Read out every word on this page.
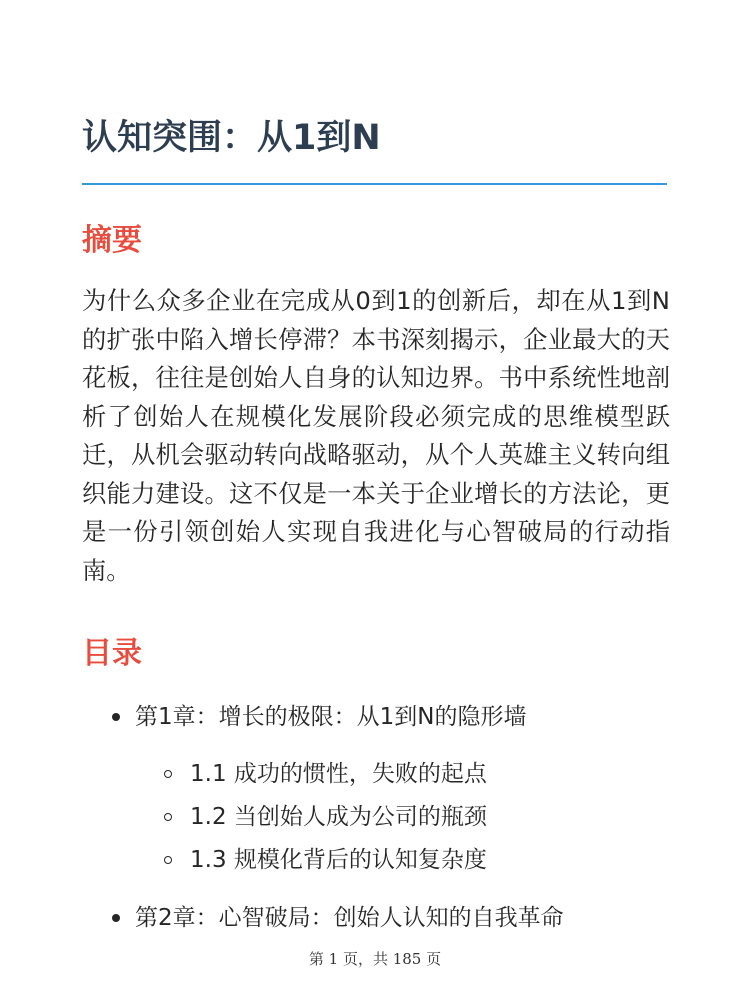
认知突围：从1到N
摘要

为什么众多企业在完成从0到1的创新后，却在从1到N的扩张中陷入增长停滞？本书深刻揭示，企业最大的天花板，往往是创始人自身的认知边界。书中系统性地剖析了创始人在规模化发展阶段必须完成的思维模型跃迁，从机会驱动转向战略驱动，从个人英雄主义转向组织能力建设。这不仅是一本关于企业增长的方法论，更是一份引领创始人实现自我进化与心智破局的行动指南。

目录
第1章：增长的极限：从1到N的隐形墙
1.1 成功的惯性，失败的起点
1.2 当创始人成为公司的瓶颈
1.3 规模化背后的认知复杂度
第2章：心智破局：创始人认知的自我革命
第 1 页，共 185 页
